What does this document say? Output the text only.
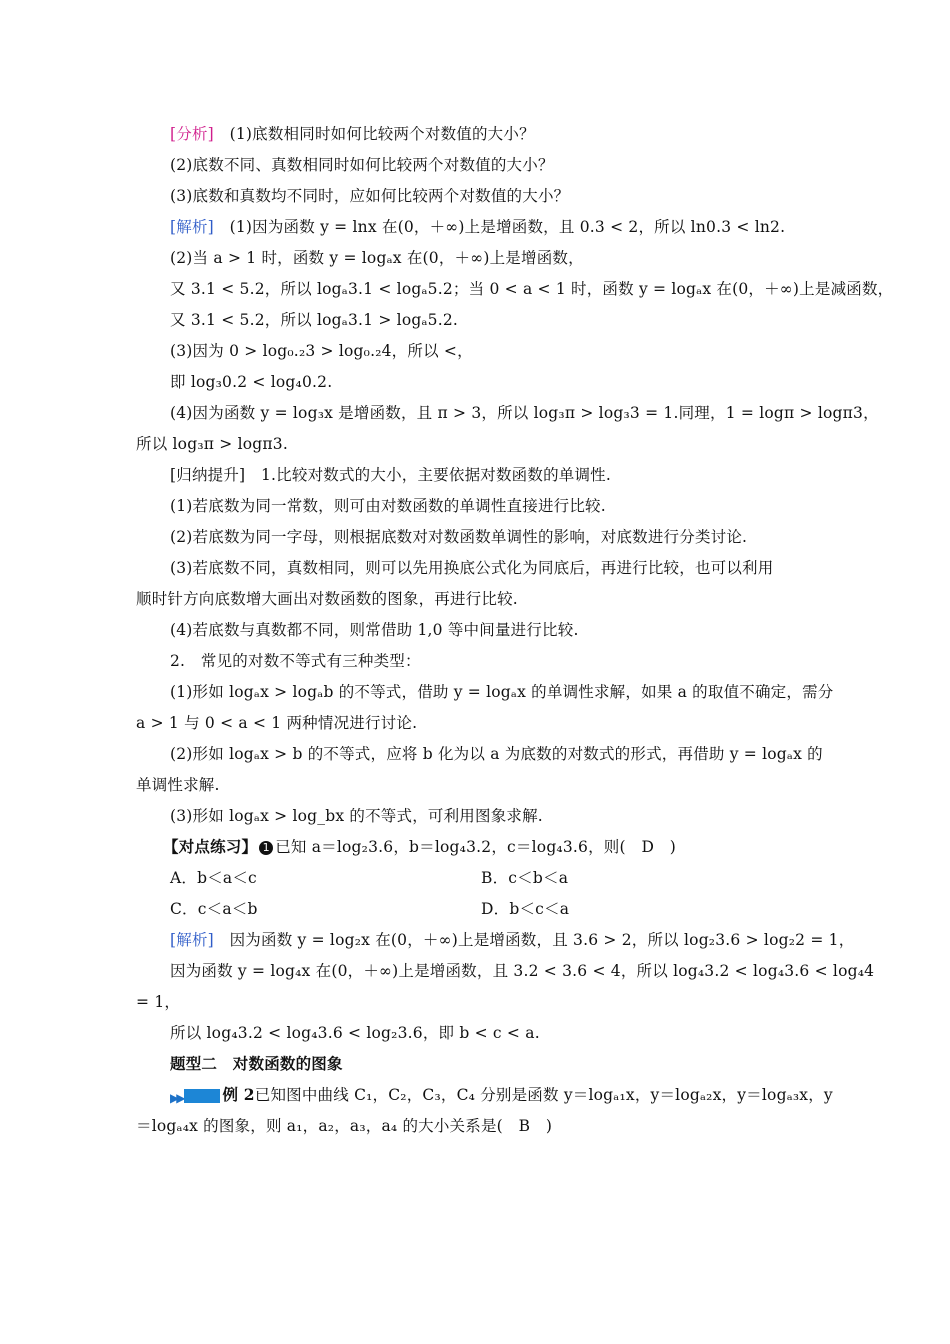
[分析]　(1)底数相同时如何比较两个对数值的大小？
(2)底数不同、真数相同时如何比较两个对数值的大小？
(3)底数和真数均不同时，应如何比较两个对数值的大小？
[解析]　(1)因为函数 y = lnx 在(0，＋∞)上是增函数，且 0.3 < 2，所以 ln0.3 < ln2.
(2)当 a > 1 时，函数 y = logₐx 在(0，＋∞)上是增函数，
又 3.1 < 5.2，所以 logₐ3.1 < logₐ5.2；当 0 < a < 1 时，函数 y = logₐx 在(0，＋∞)上是减函数，
又 3.1 < 5.2，所以 logₐ3.1 > logₐ5.2.
(3)因为 0 > log₀.₂3 > log₀.₂4，所以 <，
即 log₃0.2 < log₄0.2.
(4)因为函数 y = log₃x 是增函数，且 π > 3，所以 log₃π > log₃3 = 1.同理，1 = logπ > logπ3，
所以 log₃π > logπ3.
[归纳提升]　1.比较对数式的大小，主要依据对数函数的单调性.
(1)若底数为同一常数，则可由对数函数的单调性直接进行比较.
(2)若底数为同一字母，则根据底数对对数函数单调性的影响，对底数进行分类讨论.
(3)若底数不同，真数相同，则可以先用换底公式化为同底后，再进行比较，也可以利用
顺时针方向底数增大画出对数函数的图象，再进行比较.
(4)若底数与真数都不同，则常借助 1,0 等中间量进行比较.
2.　常见的对数不等式有三种类型：
(1)形如 logₐx > logₐb 的不等式，借助 y = logₐx 的单调性求解，如果 a 的取值不确定，需分
a > 1 与 0 < a < 1 两种情况进行讨论.
(2)形如 logₐx > b 的不等式，应将 b 化为以 a 为底数的对数式的形式，再借助 y = logₐx 的
单调性求解.
(3)形如 logₐx > log_bx 的不等式，可利用图象求解.
【对点练习】 1 已知 a＝log₂3.6，b＝log₄3.2，c＝log₄3.6，则(　D　)
A．b＜a＜c	B．c＜b＜a
C．c＜a＜b	D．b＜c＜a
[解析]　因为函数 y = log₂x 在(0，＋∞)上是增函数，且 3.6 > 2，所以 log₂3.6 > log₂2 = 1，
因为函数 y = log₄x 在(0，＋∞)上是增函数，且 3.2 < 3.6 < 4，所以 log₄3.2 < log₄3.6 < log₄4
= 1，
所以 log₄3.2 < log₄3.6 < log₂3.6，即 b < c < a.
题型二　对数函数的图象
▶▶	例 2已知图中曲线 C₁，C₂，C₃，C₄ 分别是函数 y＝logₐ₁x，y＝logₐ₂x，y＝logₐ₃x，y
＝logₐ₄x 的图象，则 a₁，a₂，a₃，a₄ 的大小关系是(　B　)
